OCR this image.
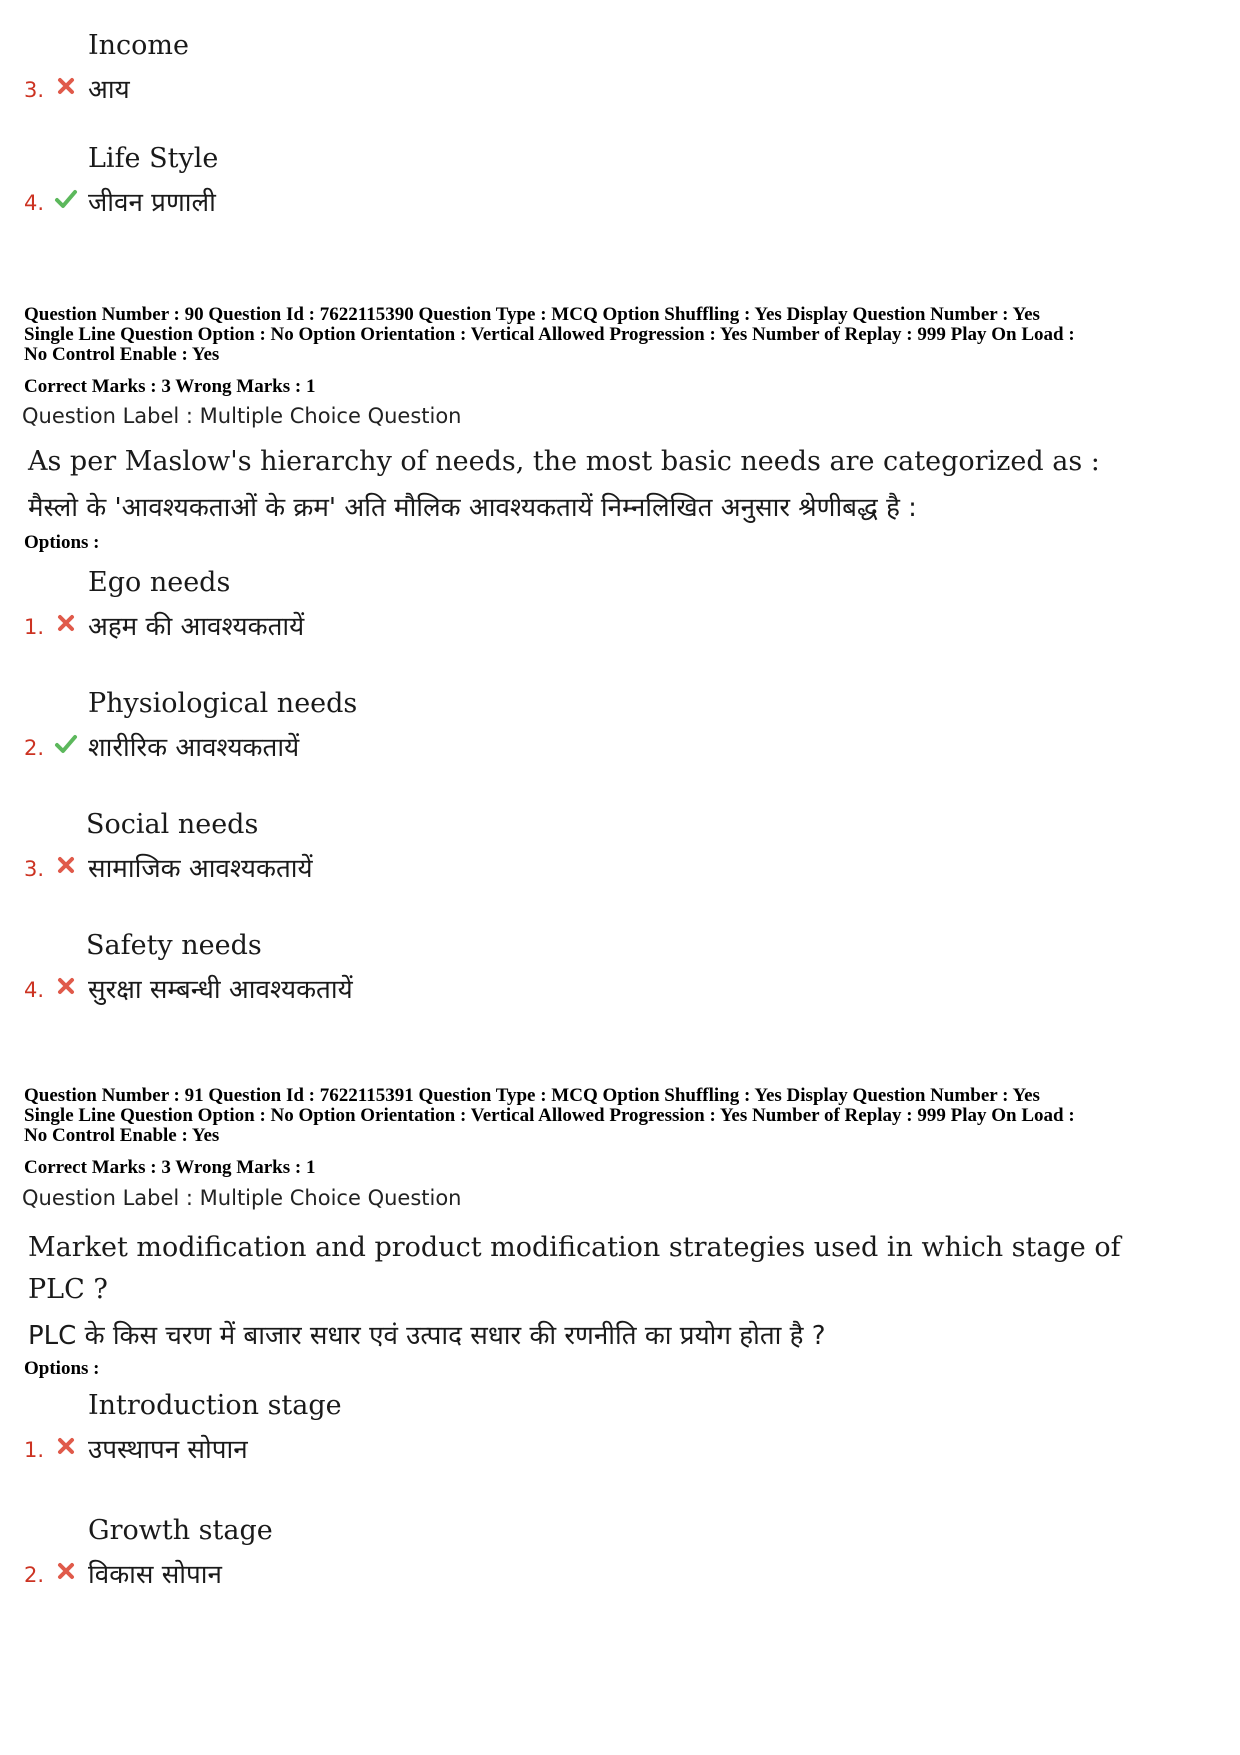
Income
3. आय
Life Style
4. जीवन प्रणाली
Question Number : 90 Question Id : 7622115390 Question Type : MCQ Option Shuffling : Yes Display Question Number : Yes
Single Line Question Option : No Option Orientation : Vertical Allowed Progression : Yes Number of Replay : 999 Play On Load :
No Control Enable : Yes
Correct Marks : 3 Wrong Marks : 1
Question Label : Multiple Choice Question
As per Maslow's hierarchy of needs, the most basic needs are categorized as :
मैस्लो के 'आवश्यकताओं के क्रम' अति मौलिक आवश्यकतायें निम्नलिखित अनुसार श्रेणीबद्ध है :
Options :
Ego needs
1. अहम की आवश्यकतायें
Physiological needs
2. शारीरिक आवश्यकतायें
Social needs
3. सामाजिक आवश्यकतायें
Safety needs
4. सुरक्षा सम्बन्धी आवश्यकतायें
Question Number : 91 Question Id : 7622115391 Question Type : MCQ Option Shuffling : Yes Display Question Number : Yes
Single Line Question Option : No Option Orientation : Vertical Allowed Progression : Yes Number of Replay : 999 Play On Load :
No Control Enable : Yes
Correct Marks : 3 Wrong Marks : 1
Question Label : Multiple Choice Question
Market modification and product modification strategies used in which stage of
PLC ?
PLC के किस चरण में बाजार सधार एवं उत्पाद सधार की रणनीति का प्रयोग होता है ?
Options :
Introduction stage
1. उपस्थापन सोपान
Growth stage
2. विकास सोपान
